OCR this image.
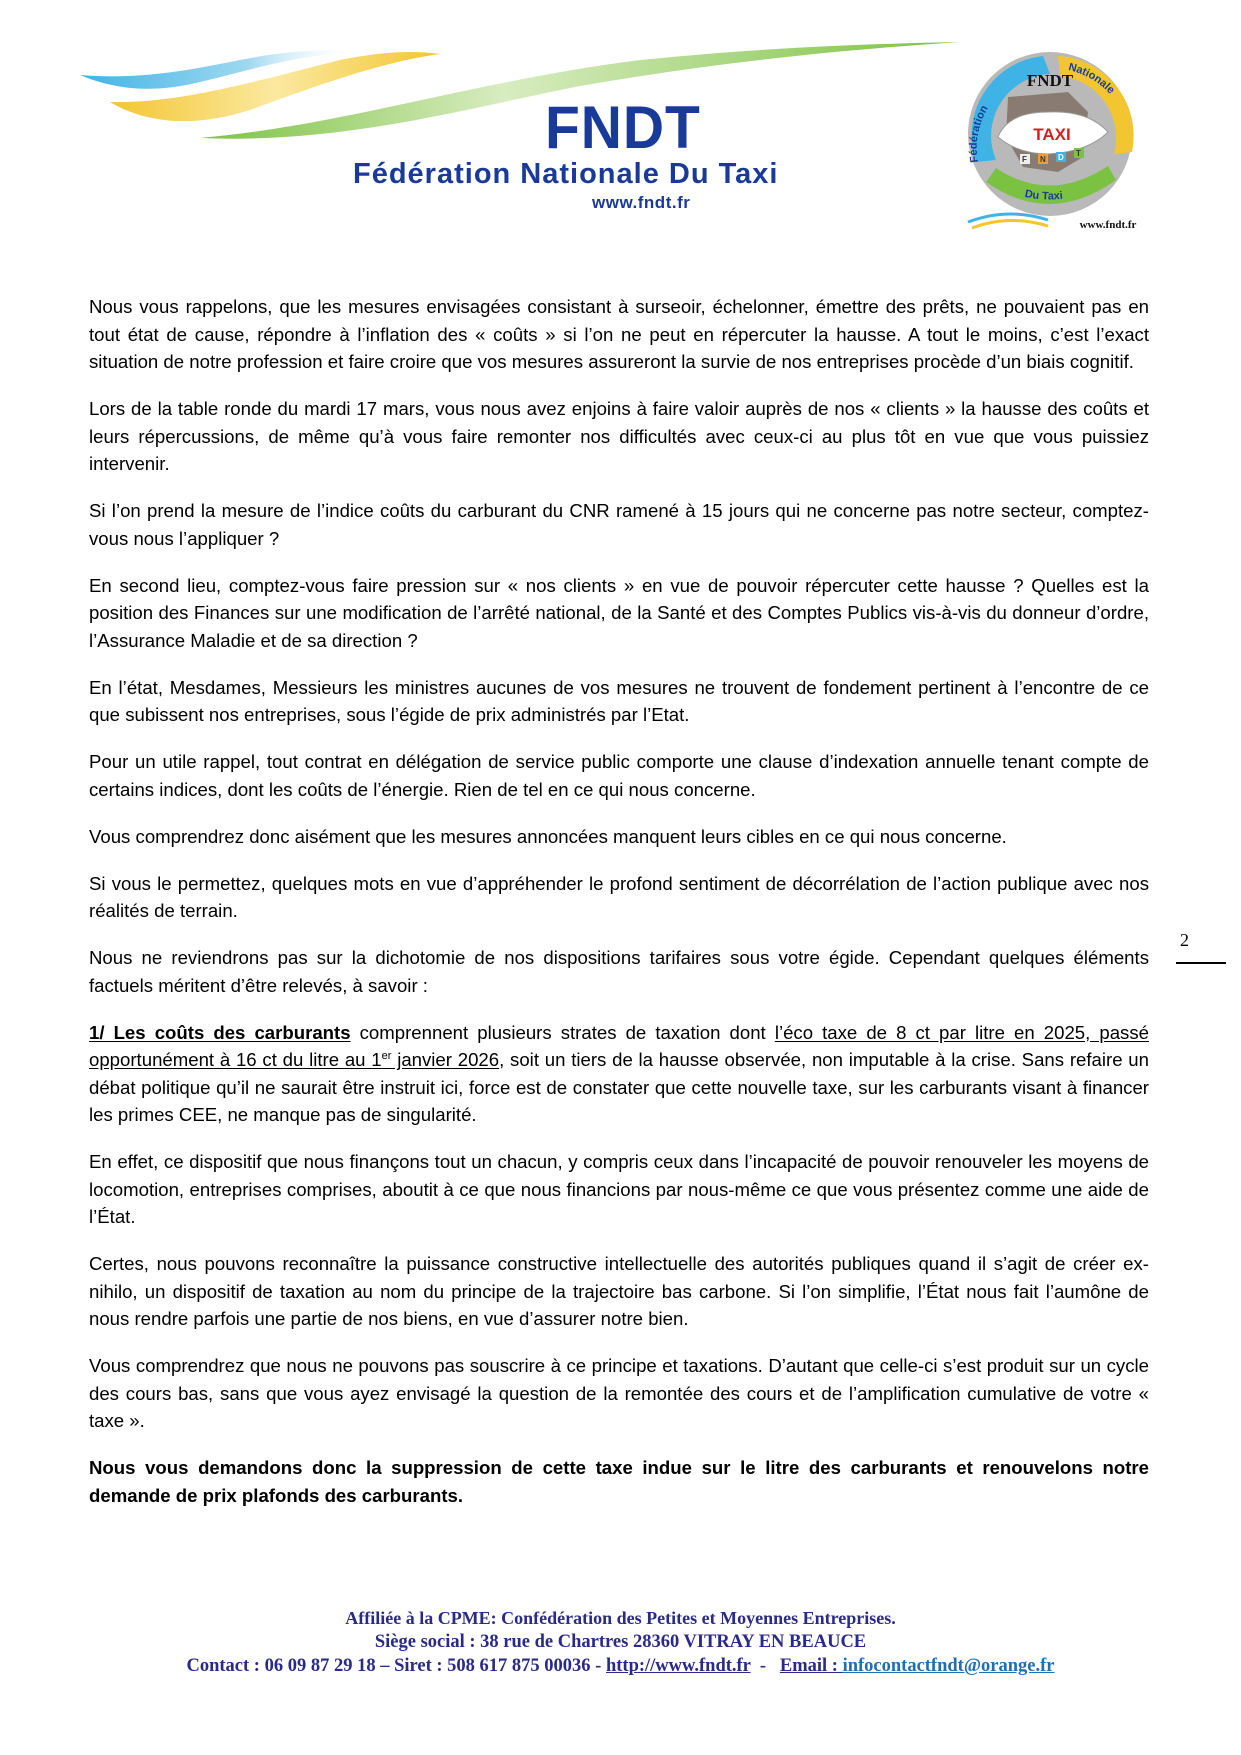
FNDT
Fédération Nationale Du Taxi
www.fndt.fr
FNDT
TAXI
F N D T
Fédération
Nationale
Du Taxi
www.fndt.fr

Nous vous rappelons, que les mesures envisagées consistant à surseoir, échelonner, émettre des prêts, ne pouvaient pas en tout état de cause, répondre à l’inflation des « coûts » si l’on ne peut en répercuter la hausse. A tout le moins, c’est l’exact situation de notre profession et faire croire que vos mesures assureront la survie de nos entreprises procède d’un biais cognitif.

Lors de la table ronde du mardi 17 mars, vous nous avez enjoins à faire valoir auprès de nos « clients » la hausse des coûts et leurs répercussions, de même qu’à vous faire remonter nos difficultés avec ceux-ci au plus tôt en vue que vous puissiez intervenir.

Si l’on prend la mesure de l’indice coûts du carburant du CNR ramené à 15 jours qui ne concerne pas notre secteur, comptez-vous nous l’appliquer ?

En second lieu, comptez-vous faire pression sur « nos clients » en vue de pouvoir répercuter cette hausse ? Quelles est la position des Finances sur une modification de l’arrêté national, de la Santé et des Comptes Publics vis-à-vis du donneur d’ordre, l’Assurance Maladie et de sa direction ?

En l’état, Mesdames, Messieurs les ministres aucunes de vos mesures ne trouvent de fondement pertinent à l’encontre de ce que subissent nos entreprises, sous l’égide de prix administrés par l’Etat.

Pour un utile rappel, tout contrat en délégation de service public comporte une clause d’indexation annuelle tenant compte de certains indices, dont les coûts de l’énergie. Rien de tel en ce qui nous concerne.

Vous comprendrez donc aisément que les mesures annoncées manquent leurs cibles en ce qui nous concerne.

Si vous le permettez, quelques mots en vue d’appréhender le profond sentiment de décorrélation de l’action publique avec nos réalités de terrain.

Nous ne reviendrons pas sur la dichotomie de nos dispositions tarifaires sous votre égide. Cependant quelques éléments factuels méritent d’être relevés, à savoir :

1/ Les coûts des carburants comprennent plusieurs strates de taxation dont l’éco taxe de 8 ct par litre en 2025, passé opportunément à 16 ct du litre au 1er janvier 2026, soit un tiers de la hausse observée, non imputable à la crise. Sans refaire un débat politique qu’il ne saurait être instruit ici, force est de constater que cette nouvelle taxe, sur les carburants visant à financer les primes CEE, ne manque pas de singularité.

En effet, ce dispositif que nous finançons tout un chacun, y compris ceux dans l’incapacité de pouvoir renouveler les moyens de locomotion, entreprises comprises, aboutit à ce que nous financions par nous-même ce que vous présentez comme une aide de l’État.

Certes, nous pouvons reconnaître la puissance constructive intellectuelle des autorités publiques quand il s’agit de créer ex-nihilo, un dispositif de taxation au nom du principe de la trajectoire bas carbone. Si l’on simplifie, l’État nous fait l’aumône de nous rendre parfois une partie de nos biens, en vue d’assurer notre bien.

Vous comprendrez que nous ne pouvons pas souscrire à ce principe et taxations. D’autant que celle-ci s’est produit sur un cycle des cours bas, sans que vous ayez envisagé la question de la remontée des cours et de l’amplification cumulative de votre « taxe ».

Nous vous demandons donc la suppression de cette taxe indue sur le litre des carburants et renouvelons notre demande de prix plafonds des carburants.

2
Affiliée à la CPME: Confédération des Petites et Moyennes Entreprises.
Siège social : 38 rue de Chartres 28360 VITRAY EN BEAUCE
Contact : 06 09 87 29 18 – Siret : 508 617 875 00036 - http://www.fndt.fr  -   Email : infocontactfndt@orange.fr
